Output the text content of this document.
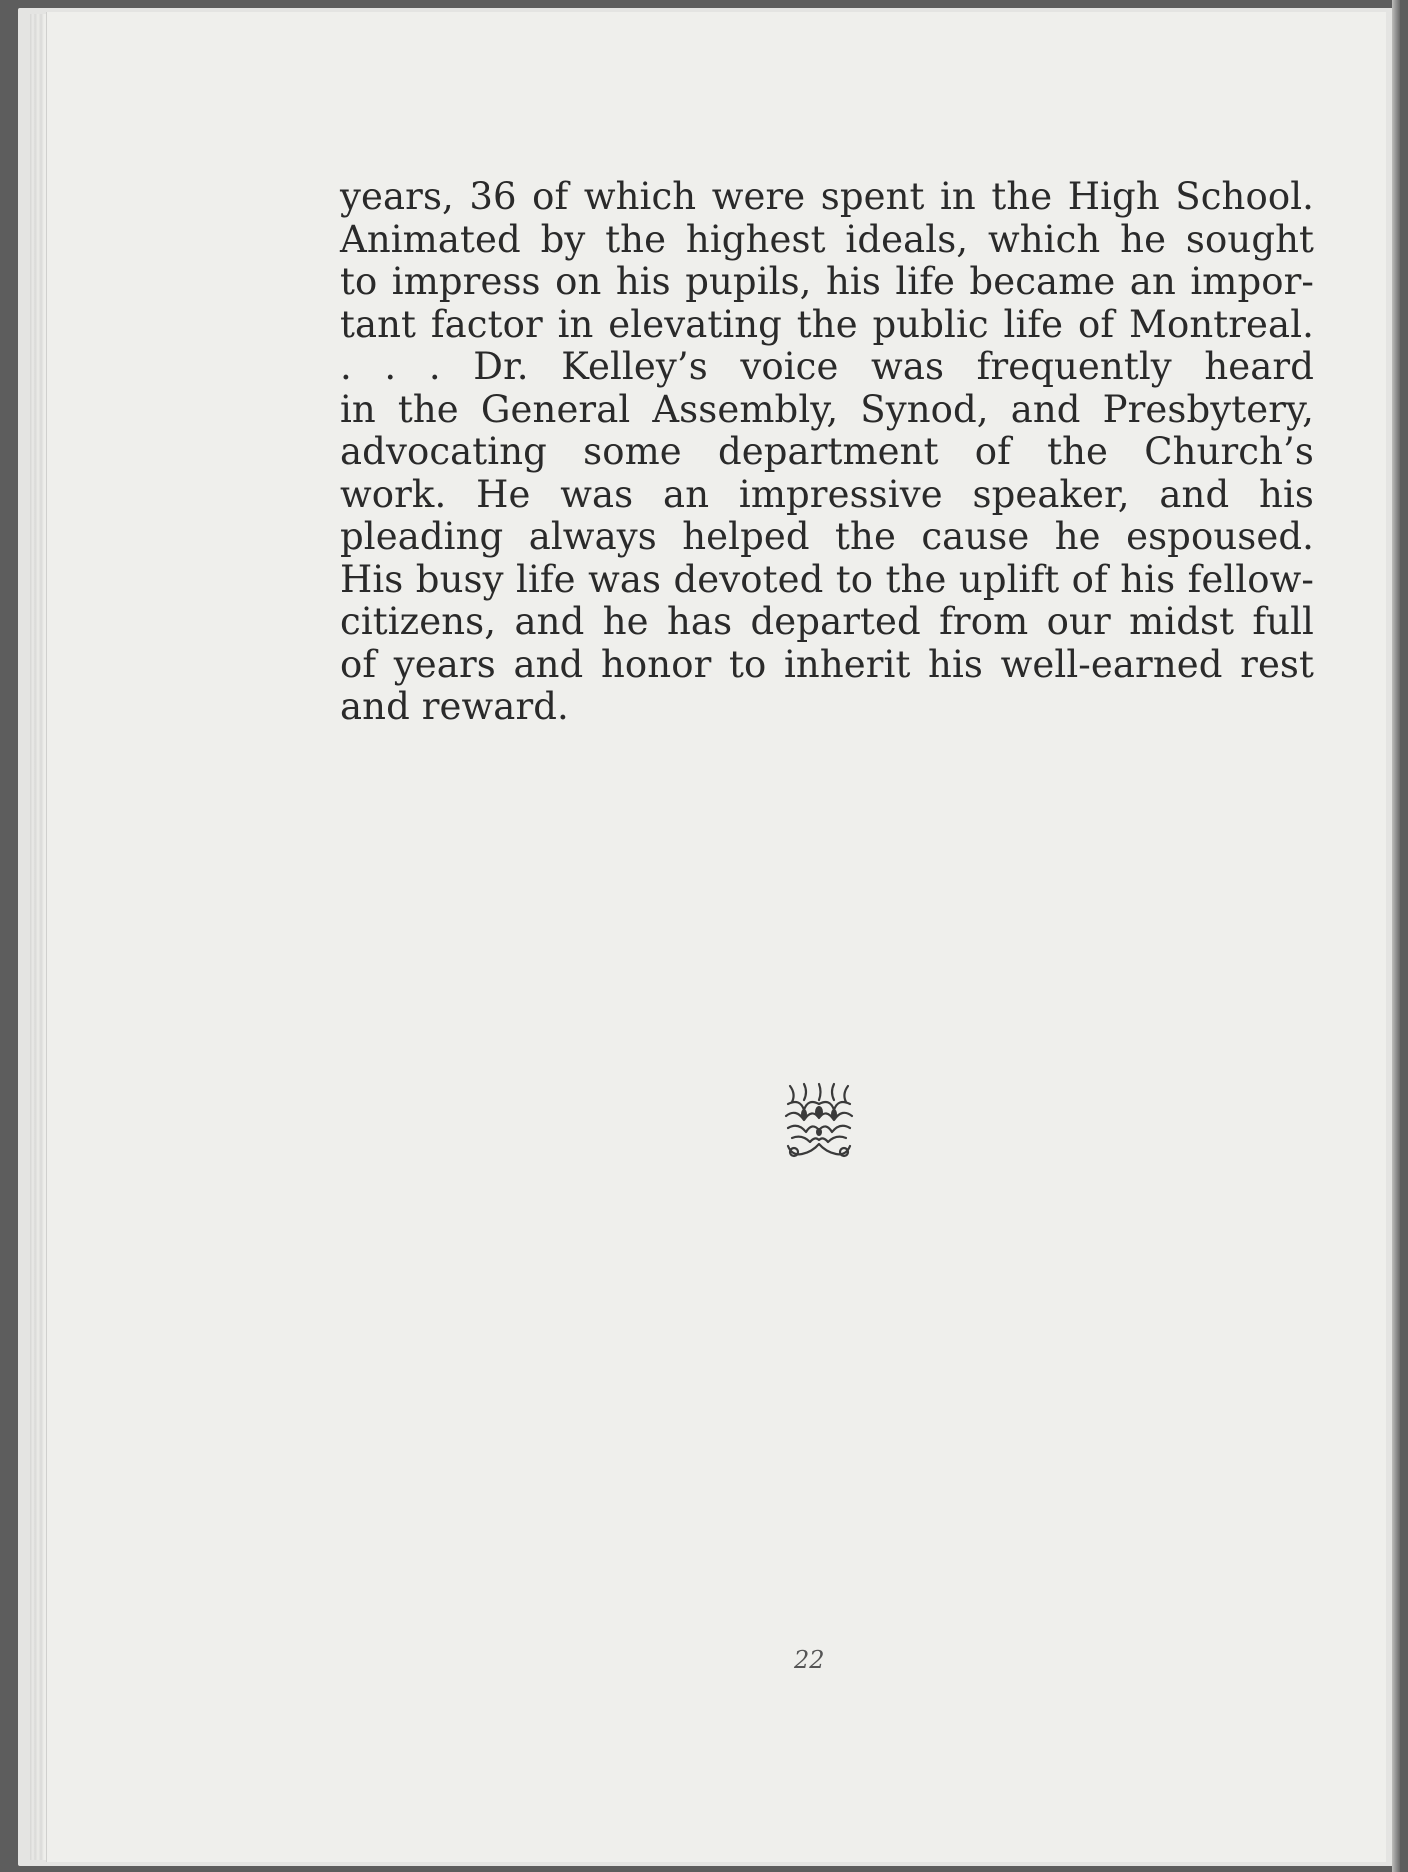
years, 36 of which were spent in the High School.
Animated by the highest ideals, which he sought
to impress on his pupils, his life became an impor-
tant factor in elevating the public life of Montreal.
. . . Dr. Kelley’s voice was frequently heard
in the General Assembly, Synod, and Presbytery,
advocating some department of the Church’s
work. He was an impressive speaker, and his
pleading always helped the cause he espoused.
His busy life was devoted to the uplift of his fellow-
citizens, and he has departed from our midst full
of years and honor to inherit his well-earned rest
and reward.
22
